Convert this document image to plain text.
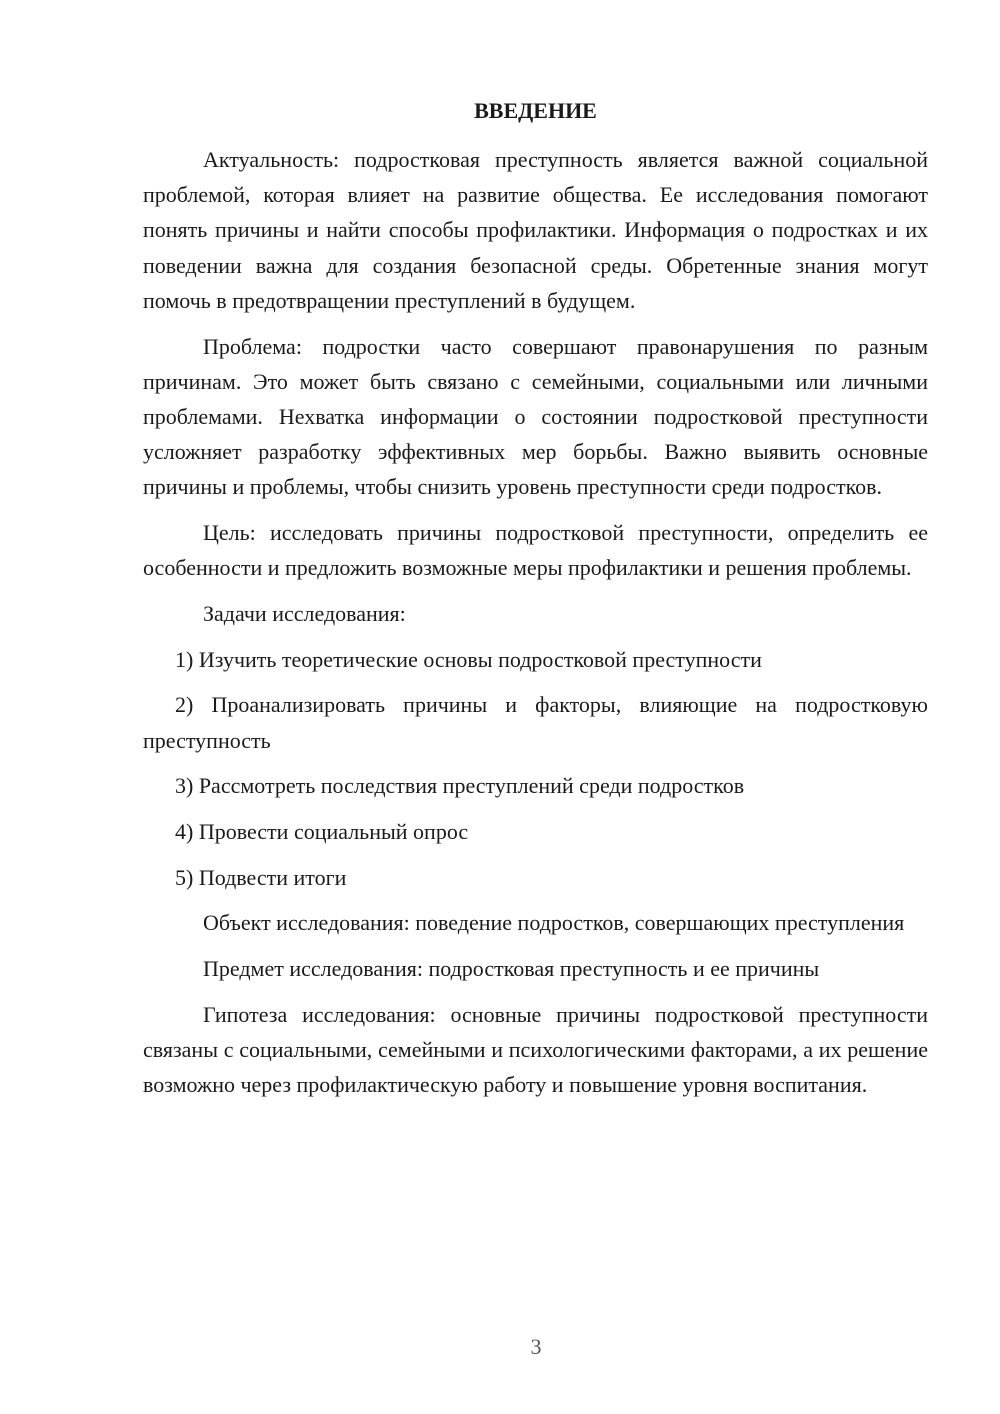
ВВЕДЕНИЕ

Актуальность: подростковая преступность является важной социальной проблемой, которая влияет на развитие общества. Ее исследования помогают понять причины и найти способы профилактики. Информация о подростках и их поведении важна для создания безопасной среды. Обретенные знания могут помочь в предотвращении преступлений в будущем.

Проблема: подростки часто совершают правонарушения по разным причинам. Это может быть связано с семейными, социальными или личными проблемами. Нехватка информации о состоянии подростковой преступности усложняет разработку эффективных мер борьбы. Важно выявить основные причины и проблемы, чтобы снизить уровень преступности среди подростков.

Цель: исследовать причины подростковой преступности, определить ее особенности и предложить возможные меры профилактики и решения проблемы.

Задачи исследования:

1) Изучить теоретические основы подростковой преступности

2) Проанализировать причины и факторы, влияющие на подростковую преступность

3) Рассмотреть последствия преступлений среди подростков

4) Провести социальный опрос

5) Подвести итоги

Объект исследования: поведение подростков, совершающих преступления

Предмет исследования: подростковая преступность и ее причины

Гипотеза исследования: основные причины подростковой преступности связаны с социальными, семейными и психологическими факторами, а их решение возможно через профилактическую работу и повышение уровня воспитания.

3
